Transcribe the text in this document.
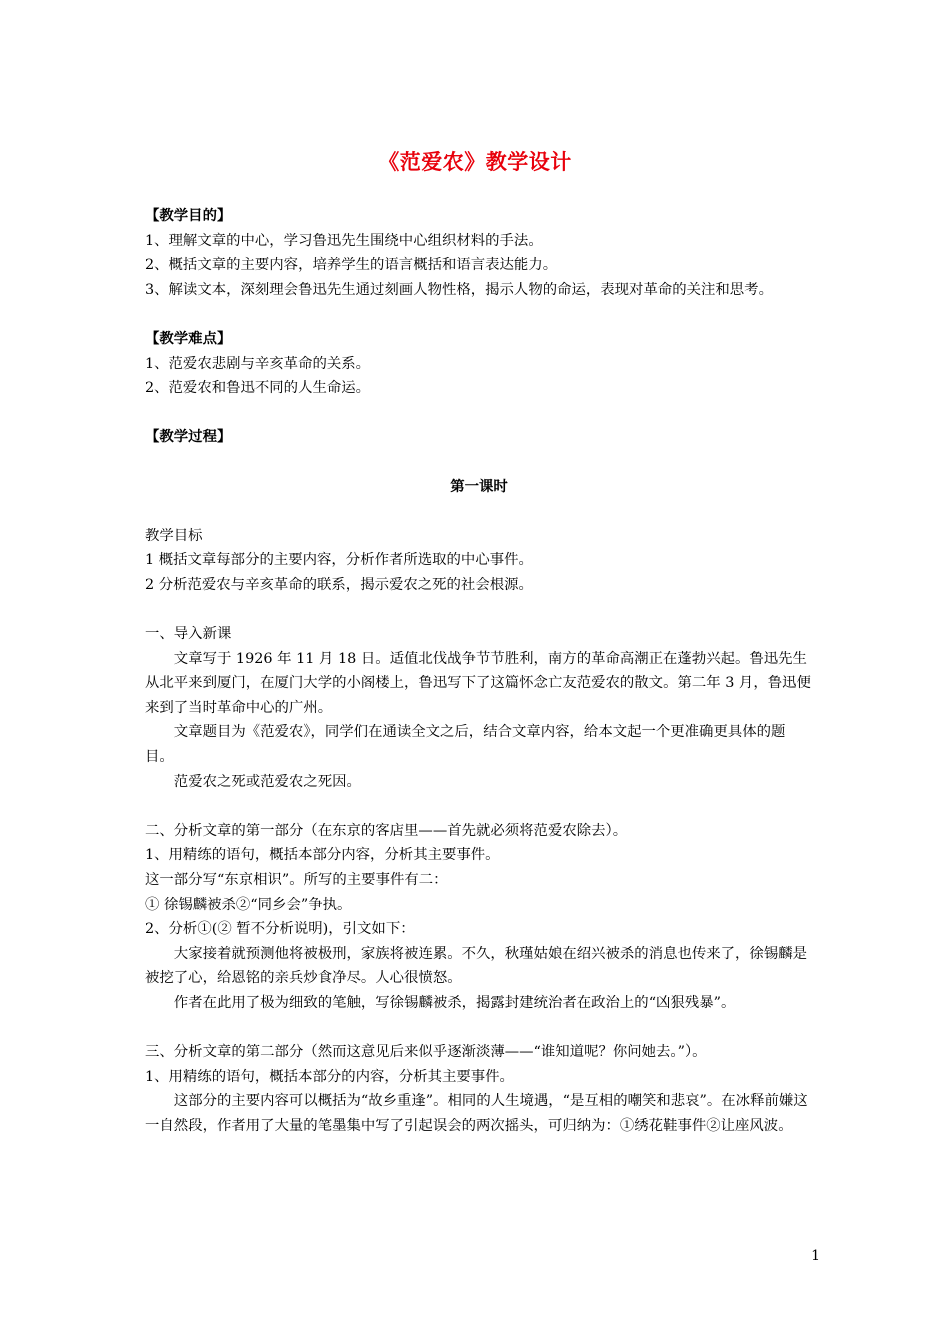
《范爱农》教学设计

【教学目的】

1、理解文章的中心，学习鲁迅先生围绕中心组织材料的手法。

2、概括文章的主要内容，培养学生的语言概括和语言表达能力。

3、解读文本，深刻理会鲁迅先生通过刻画人物性格，揭示人物的命运，表现对革命的关注和思考。

【教学难点】

1、范爱农悲剧与辛亥革命的关系。

2、范爱农和鲁迅不同的人生命运。

【教学过程】

第一课时

教学目标

1 概括文章每部分的主要内容，分析作者所选取的中心事件。

2 分析范爱农与辛亥革命的联系，揭示爱农之死的社会根源。

一、导入新课

文章写于 1926 年 11 月 18 日。适值北伐战争节节胜利，南方的革命高潮正在蓬勃兴起。鲁迅先生从北平来到厦门，在厦门大学的小阁楼上，鲁迅写下了这篇怀念亡友范爱农的散文。第二年 3 月，鲁迅便来到了当时革命中心的广州。

文章题目为《范爱农》，同学们在通读全文之后，结合文章内容，给本文起一个更准确更具体的题目。

范爱农之死或范爱农之死因。

二、分析文章的第一部分（在东京的客店里——首先就必须将范爱农除去）。

1、用精练的语句，概括本部分内容，分析其主要事件。

这一部分写“东京相识”。所写的主要事件有二：

① 徐锡麟被杀②“同乡会”争执。

2、分析①(② 暂不分析说明)，引文如下：

大家接着就预测他将被极刑，家族将被连累。不久，秋瑾姑娘在绍兴被杀的消息也传来了，徐锡麟是被挖了心，给恩铭的亲兵炒食净尽。人心很愤怒。

作者在此用了极为细致的笔触，写徐锡麟被杀，揭露封建统治者在政治上的“凶狠残暴”。

三、分析文章的第二部分（然而这意见后来似乎逐渐淡薄——“谁知道呢？你问她去。”）。

1、用精练的语句，概括本部分的内容，分析其主要事件。

这部分的主要内容可以概括为“故乡重逢”。相同的人生境遇，“是互相的嘲笑和悲哀”。在冰释前嫌这一自然段，作者用了大量的笔墨集中写了引起误会的两次摇头，可归纳为：①绣花鞋事件②让座风波。

1
